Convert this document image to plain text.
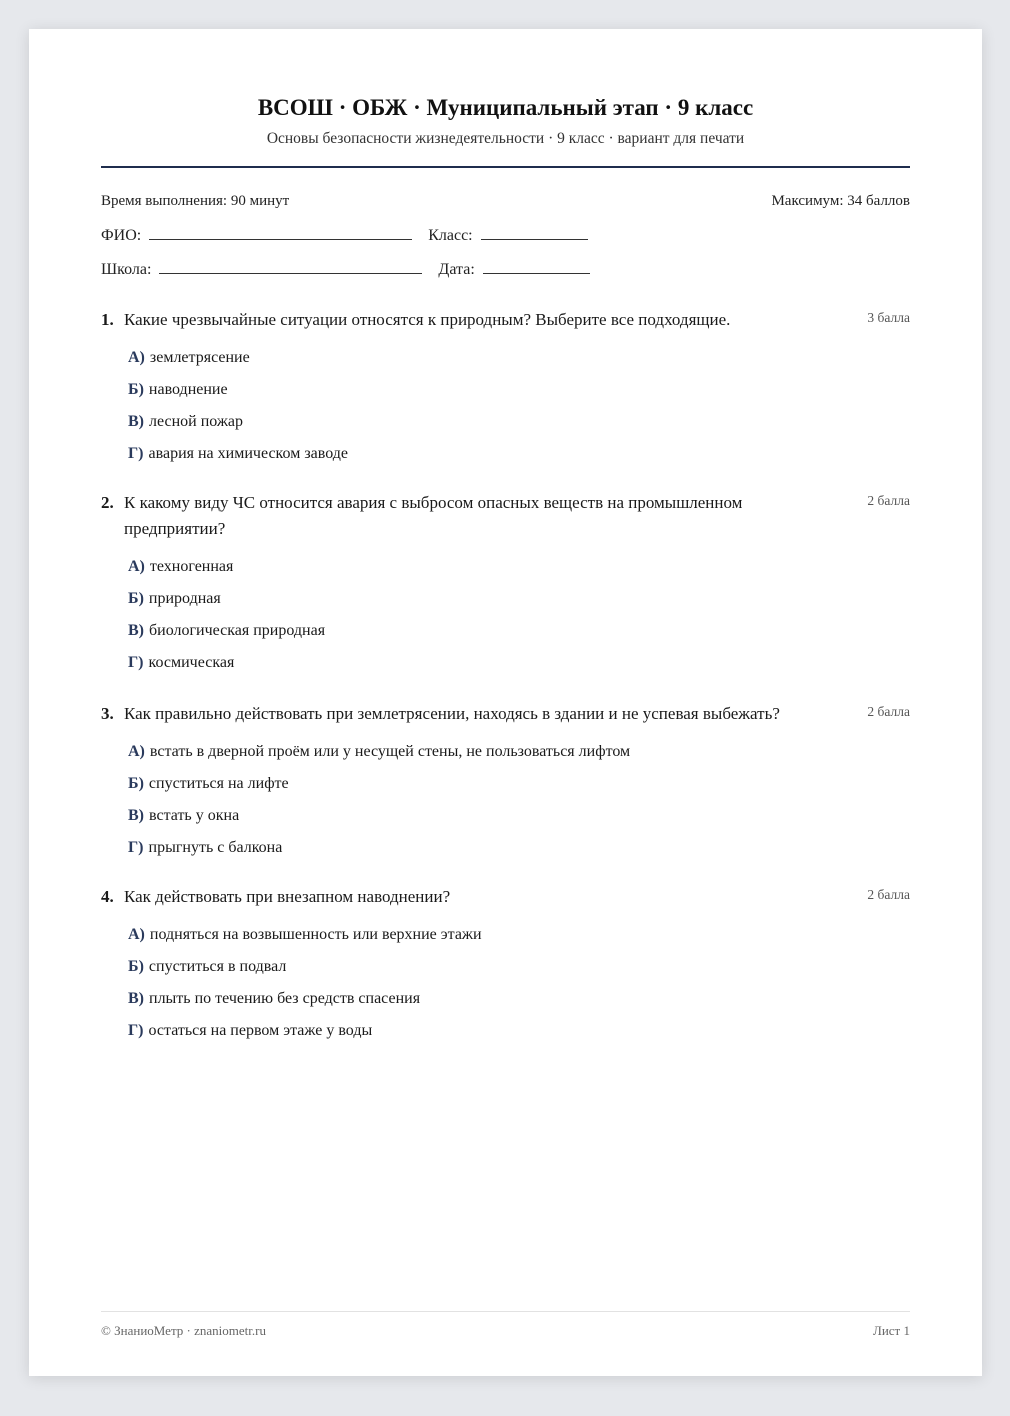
ВСОШ · ОБЖ · Муниципальный этап · 9 класс
Основы безопасности жизнедеятельности · 9 класс · вариант для печати
Время выполнения: 90 минут	Максимум: 34 баллов
ФИО:	Класс:
Школа:	Дата:
1. Какие чрезвычайные ситуации относятся к природным? Выберите все подходящие.	3 балла
А) землетрясение
Б) наводнение
В) лесной пожар
Г) авария на химическом заводе
2. К какому виду ЧС относится авария с выбросом опасных веществ на промышленном предприятии?
2 балла
А) техногенная
Б) природная
В) биологическая природная
Г) космическая
3. Как правильно действовать при землетрясении, находясь в здании и не успевая выбежать?	2 балла
А) встать в дверной проём или у несущей стены, не пользоваться лифтом
Б) спуститься на лифте
В) встать у окна
Г) прыгнуть с балкона
4. Как действовать при внезапном наводнении?	2 балла
А) подняться на возвышенность или верхние этажи
Б) спуститься в подвал
В) плыть по течению без средств спасения
Г) остаться на первом этаже у воды
© ЗнаниоМетр · znaniometr.ru	Лист 1
